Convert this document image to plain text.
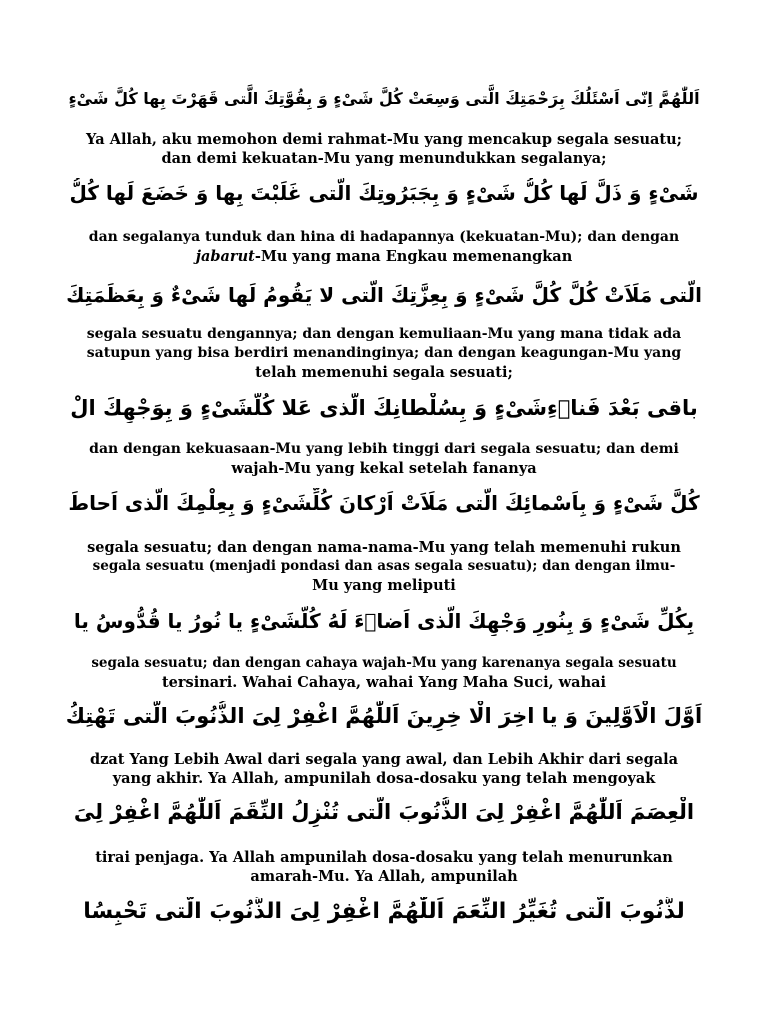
اَللّٰهُمَّ اِنّى اَسْئَلُكَ بِرَحْمَتِكَ الَّتى وَسِعَتْ كُلَّ شَىْءٍ وَ بِقُوَّتِكَ الَّتى قَهَرْتَ بِها كُلَّ شَىْءٍ
Ya Allah, aku memohon demi rahmat-Mu yang mencakup segala sesuatu;
dan demi kekuatan-Mu yang menundukkan segalanya;
شَىْءٍ وَ ذَلَّ لَها كُلُّ شَىْءٍ وَ بِجَبَرُوتِكَ الَّتى غَلَبْتَ بِها وَ خَضَعَ لَها كُلُّ
dan segalanya tunduk dan hina di hadapannya (kekuatan-Mu); dan dengan
jabarut-Mu yang mana Engkau memenangkan
الَّتى مَلَاَتْ كُلَّ كُلَّ شَىْءٍ وَ بِعِزَّتِكَ الَّتى لا يَقُومُ لَها شَىْءٌ وَ بِعَظَمَتِكَ
segala sesuatu dengannya; dan dengan kemuliaan-Mu yang mana tidak ada
satupun yang bisa berdiri menandinginya; dan dengan keagungan-Mu yang
telah memenuhi segala sesuati;
باقى بَعْدَ فَناۤءِشَىْءٍ وَ بِسُلْطانِكَ الَّذى عَلا كُلَّشَىْءٍ وَ بِوَجْهِكَ الْ
dan dengan kekuasaan-Mu yang lebih tinggi dari segala sesuatu; dan demi
wajah-Mu yang kekal setelah fananya
كُلَّ شَىْءٍ وَ بِاَسْمائِكَ الَّتى مَلَاَتْ اَرْكانَ كُلِّشَىْءٍ وَ بِعِلْمِكَ الَّذى اَحاطَ
segala sesuatu; dan dengan nama-nama-Mu yang telah memenuhi rukun
segala sesuatu (menjadi pondasi dan asas segala sesuatu); dan dengan ilmu-
Mu yang meliputi
بِكُلِّ شَىْءٍ وَ بِنُورِ وَجْهِكَ الَّذى اَضاۤءَ لَهُ كُلُّشَىْءٍ يا نُورُ يا قُدُّوسُ يا
segala sesuatu; dan dengan cahaya wajah-Mu yang karenanya segala sesuatu
tersinari. Wahai Cahaya, wahai Yang Maha Suci, wahai
اَوَّلَ الْاَوَّلِينَ وَ يا اخِرَ الْا خِرِينَ اَللّٰهُمَّ اغْفِرْ لِىَ الذُّنُوبَ الَّتى تَهْتِكُ
dzat Yang Lebih Awal dari segala yang awal, dan Lebih Akhir dari segala
yang akhir. Ya Allah, ampunilah dosa-dosaku yang telah mengoyak
الْعِصَمَ اَللّٰهُمَّ اغْفِرْ لِىَ الذُّنُوبَ الَّتى تُنْزِلُ النِّقَمَ اَللّٰهُمَّ اغْفِرْ لِىَ
tirai penjaga. Ya Allah ampunilah dosa-dosaku yang telah menurunkan
amarah-Mu. Ya Allah, ampunilah
لذُّنُوبَ الَّتى تُغَيِّرُ النِّعَمَ اَللّٰهُمَّ اغْفِرْ لِىَ الذُّنُوبَ الَّتى تَحْبِسُا
